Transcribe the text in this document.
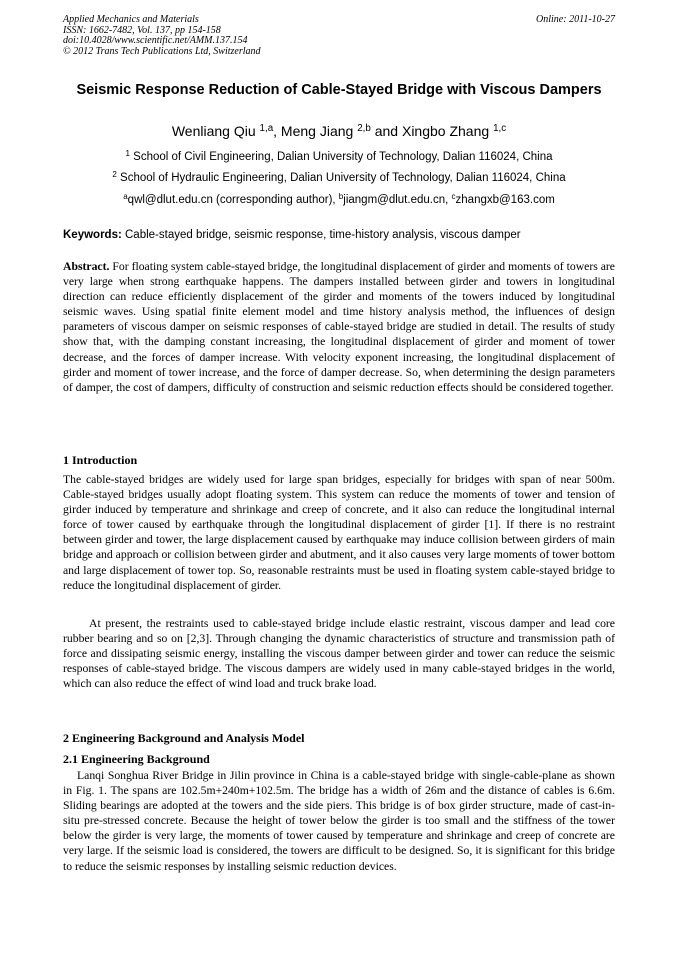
Applied Mechanics and Materials
ISSN: 1662-7482, Vol. 137, pp 154-158
doi:10.4028/www.scientific.net/AMM.137.154
© 2012 Trans Tech Publications Ltd, Switzerland
Online: 2011-10-27
Seismic Response Reduction of Cable-Stayed Bridge with Viscous Dampers
Wenliang Qiu $^{1,a}$, Meng Jiang $^{2,b}$ and Xingbo Zhang $^{1,c}$
$^1$ School of Civil Engineering, Dalian University of Technology, Dalian 116024, China
$^2$ School of Hydraulic Engineering, Dalian University of Technology, Dalian 116024, China
$^a$qwl@dlut.edu.cn (corresponding author), $^b$jiangm@dlut.edu.cn, $^c$zhangxb@163.com
Keywords: Cable-stayed bridge, seismic response, time-history analysis, viscous damper
Abstract. For floating system cable-stayed bridge, the longitudinal displacement of girder and moments of towers are very large when strong earthquake happens. The dampers installed between girder and towers in longitudinal direction can reduce efficiently displacement of the girder and moments of the towers induced by longitudinal seismic waves. Using spatial finite element model and time history analysis method, the influences of design parameters of viscous damper on seismic responses of cable-stayed bridge are studied in detail. The results of study show that, with the damping constant increasing, the longitudinal displacement of girder and moment of tower decrease, and the forces of damper increase. With velocity exponent increasing, the longitudinal displacement of girder and moment of tower increase, and the force of damper decrease. So, when determining the design parameters of damper, the cost of dampers, difficulty of construction and seismic reduction effects should be considered together.
1 Introduction
The cable-stayed bridges are widely used for large span bridges, especially for bridges with span of near 500m. Cable-stayed bridges usually adopt floating system. This system can reduce the moments of tower and tension of girder induced by temperature and shrinkage and creep of concrete, and it also can reduce the longitudinal internal force of tower caused by earthquake through the longitudinal displacement of girder [1]. If there is no restraint between girder and tower, the large displacement caused by earthquake may induce collision between girders of main bridge and approach or collision between girder and abutment, and it also causes very large moments of tower bottom and large displacement of tower top. So, reasonable restraints must be used in floating system cable-stayed bridge to reduce the longitudinal displacement of girder.
At present, the restraints used to cable-stayed bridge include elastic restraint, viscous damper and lead core rubber bearing and so on [2,3]. Through changing the dynamic characteristics of structure and transmission path of force and dissipating seismic energy, installing the viscous damper between girder and tower can reduce the seismic responses of cable-stayed bridge. The viscous dampers are widely used in many cable-stayed bridges in the world, which can also reduce the effect of wind load and truck brake load.
2 Engineering Background and Analysis Model
2.1 Engineering Background
Lanqi Songhua River Bridge in Jilin province in China is a cable-stayed bridge with single-cable-plane as shown in Fig. 1. The spans are 102.5m+240m+102.5m. The bridge has a width of 26m and the distance of cables is 6.6m. Sliding bearings are adopted at the towers and the side piers. This bridge is of box girder structure, made of cast-in-situ pre-stressed concrete. Because the height of tower below the girder is too small and the stiffness of the tower below the girder is very large, the moments of tower caused by temperature and shrinkage and creep of concrete are very large. If the seismic load is considered, the towers are difficult to be designed. So, it is significant for this bridge to reduce the seismic responses by installing seismic reduction devices.
